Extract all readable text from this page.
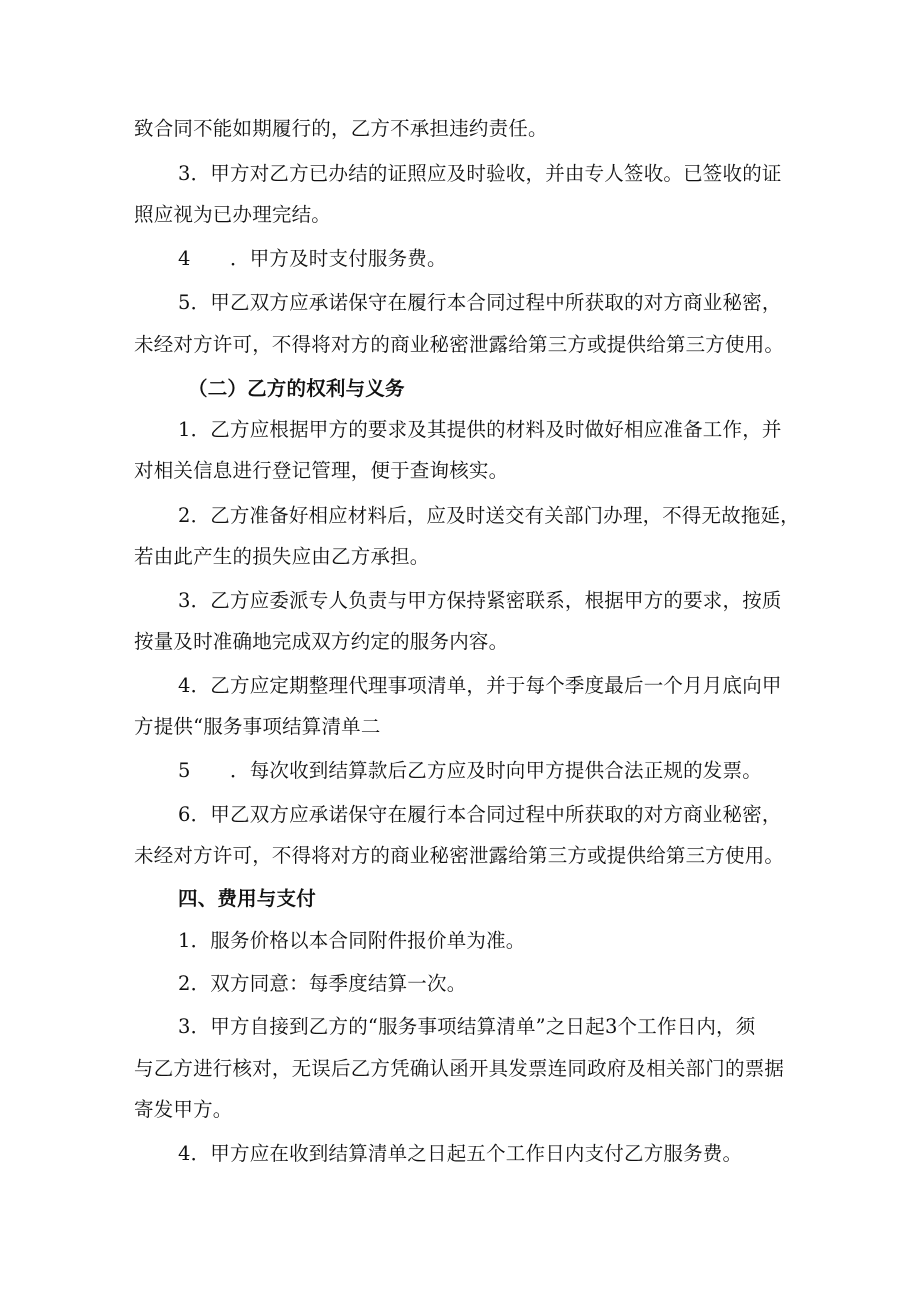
致合同不能如期履行的，乙方不承担违约责任。
3．甲方对乙方已办结的证照应及时验收，并由专人签收。已签收的证
照应视为已办理完结。
4　　．甲方及时支付服务费。
5．甲乙双方应承诺保守在履行本合同过程中所获取的对方商业秘密，
未经对方许可，不得将对方的商业秘密泄露给第三方或提供给第三方使用。
（二）乙方的权利与义务
1．乙方应根据甲方的要求及其提供的材料及时做好相应准备工作，并
对相关信息进行登记管理，便于查询核实。
2．乙方准备好相应材料后，应及时送交有关部门办理，不得无故拖延，
若由此产生的损失应由乙方承担。
3．乙方应委派专人负责与甲方保持紧密联系，根据甲方的要求，按质
按量及时准确地完成双方约定的服务内容。
4．乙方应定期整理代理事项清单，并于每个季度最后一个月月底向甲
方提供“服务事项结算清单二
5　　．每次收到结算款后乙方应及时向甲方提供合法正规的发票。
6．甲乙双方应承诺保守在履行本合同过程中所获取的对方商业秘密，
未经对方许可，不得将对方的商业秘密泄露给第三方或提供给第三方使用。
四、费用与支付
1．服务价格以本合同附件报价单为准。
2．双方同意：每季度结算一次。
3．甲方自接到乙方的“服务事项结算清单”之日起3个工作日内，须
与乙方进行核对，无误后乙方凭确认函开具发票连同政府及相关部门的票据
寄发甲方。
4．甲方应在收到结算清单之日起五个工作日内支付乙方服务费。
